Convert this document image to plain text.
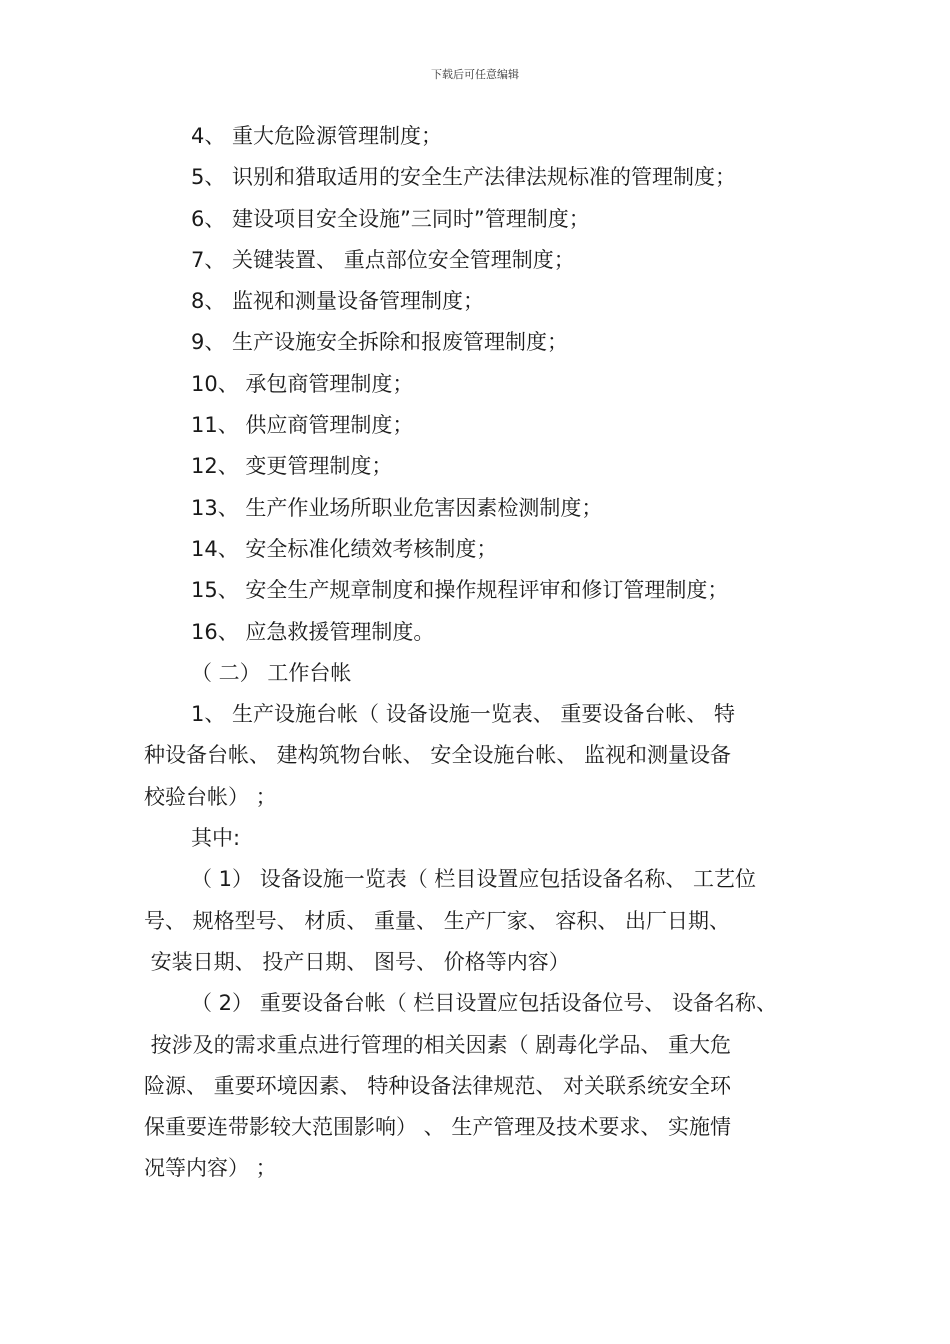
下载后可任意编辑
4、 重大危险源管理制度；
5、 识别和猎取适用的安全生产法律法规标准的管理制度；
6、 建设项目安全设施”三同时”管理制度；
7、 关键装置、 重点部位安全管理制度；
8、 监视和测量设备管理制度；
9、 生产设施安全拆除和报废管理制度；
10、 承包商管理制度；
11、 供应商管理制度；
12、 变更管理制度；
13、 生产作业场所职业危害因素检测制度；
14、 安全标准化绩效考核制度；
15、 安全生产规章制度和操作规程评审和修订管理制度；
16、 应急救援管理制度。
（ 二） 工作台帐

1、 生产设施台帐（ 设备设施一览表、 重要设备台帐、 特
种设备台帐、 建构筑物台帐、 安全设施台帐、 监视和测量设备
校验台帐） ；

其中:

（ 1） 设备设施一览表（ 栏目设置应包括设备名称、 工艺位
号、 规格型号、 材质、 重量、 生产厂家、 容积、 出厂日期、
安装日期、 投产日期、 图号、 价格等内容）

（ 2） 重要设备台帐（ 栏目设置应包括设备位号、 设备名称、
按涉及的需求重点进行管理的相关因素（ 剧毒化学品、 重大危
险源、 重要环境因素、 特种设备法律规范、 对关联系统安全环
保重要连带影较大范围影响） 、 生产管理及技术要求、 实施情
况等内容） ；
